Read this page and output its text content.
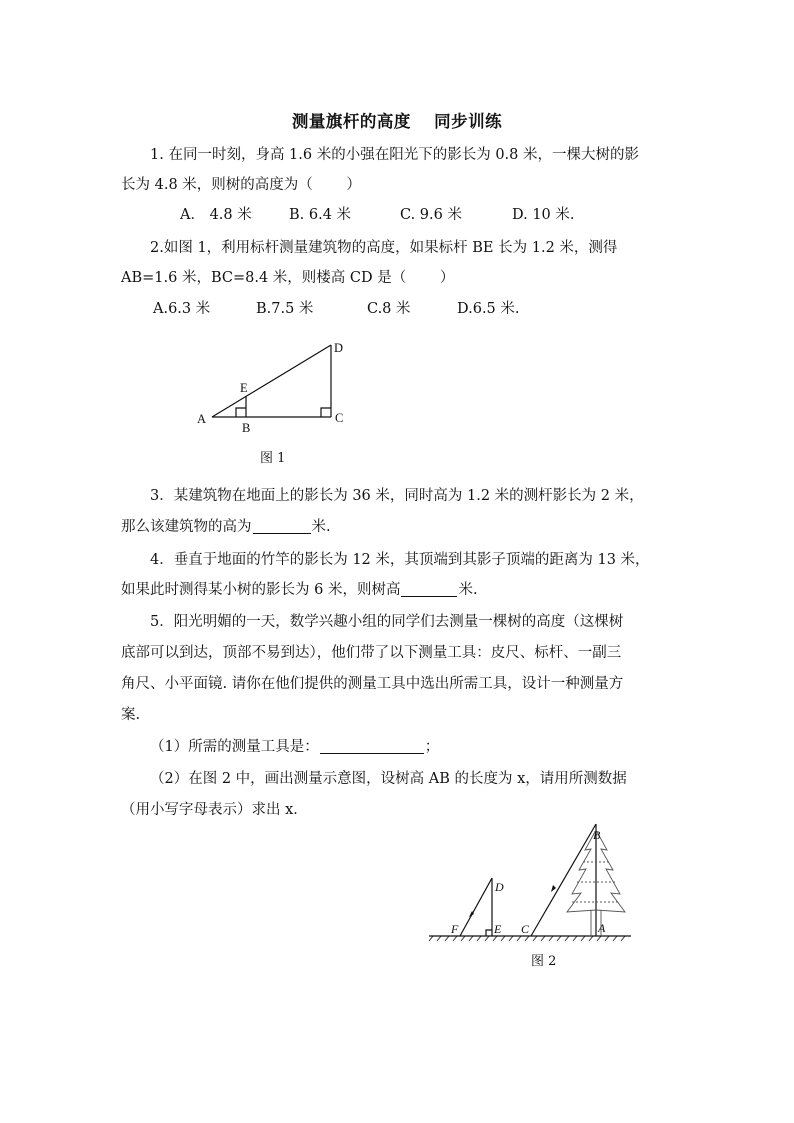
测量旗杆的高度　 同步训练
1. 在同一时刻，身高 1.6 米的小强在阳光下的影长为 0.8 米，一棵大树的影
长为 4.8 米，则树的高度为（　　 ）
A． 4.8 米	B. 6.4 米	C. 9.6 米	D. 10 米.
2.如图 1，利用标杆测量建筑物的高度，如果标杆 BE 长为 1.2 米，测得
AB=1.6 米，BC=8.4 米，则楼高 CD 是（　　 ）
A.6.3 米	B.7.5 米	C.8 米	D.6.5 米.
A
B
C
D
E
图 1
3．某建筑物在地面上的影长为 36 米，同时高为 1.2 米的测杆影长为 2 米，
那么该建筑物的高为	米.
4．垂直于地面的竹竿的影长为 12 米，其顶端到其影子顶端的距离为 13 米，
如果此时测得某小树的影长为 6 米，则树高	米.
5．阳光明媚的一天，数学兴趣小组的同学们去测量一棵树的高度（这棵树
底部可以到达，顶部不易到达），他们带了以下测量工具：皮尺、标杆、一副三
角尺、小平面镜. 请你在他们提供的测量工具中选出所需工具，设计一种测量方
案.
（1）所需的测量工具是：	；
（2）在图 2 中，画出测量示意图，设树高 AB 的长度为 x，请用所测数据
（用小写字母表示）求出 x．
B
D
F	E C	A
图 2
